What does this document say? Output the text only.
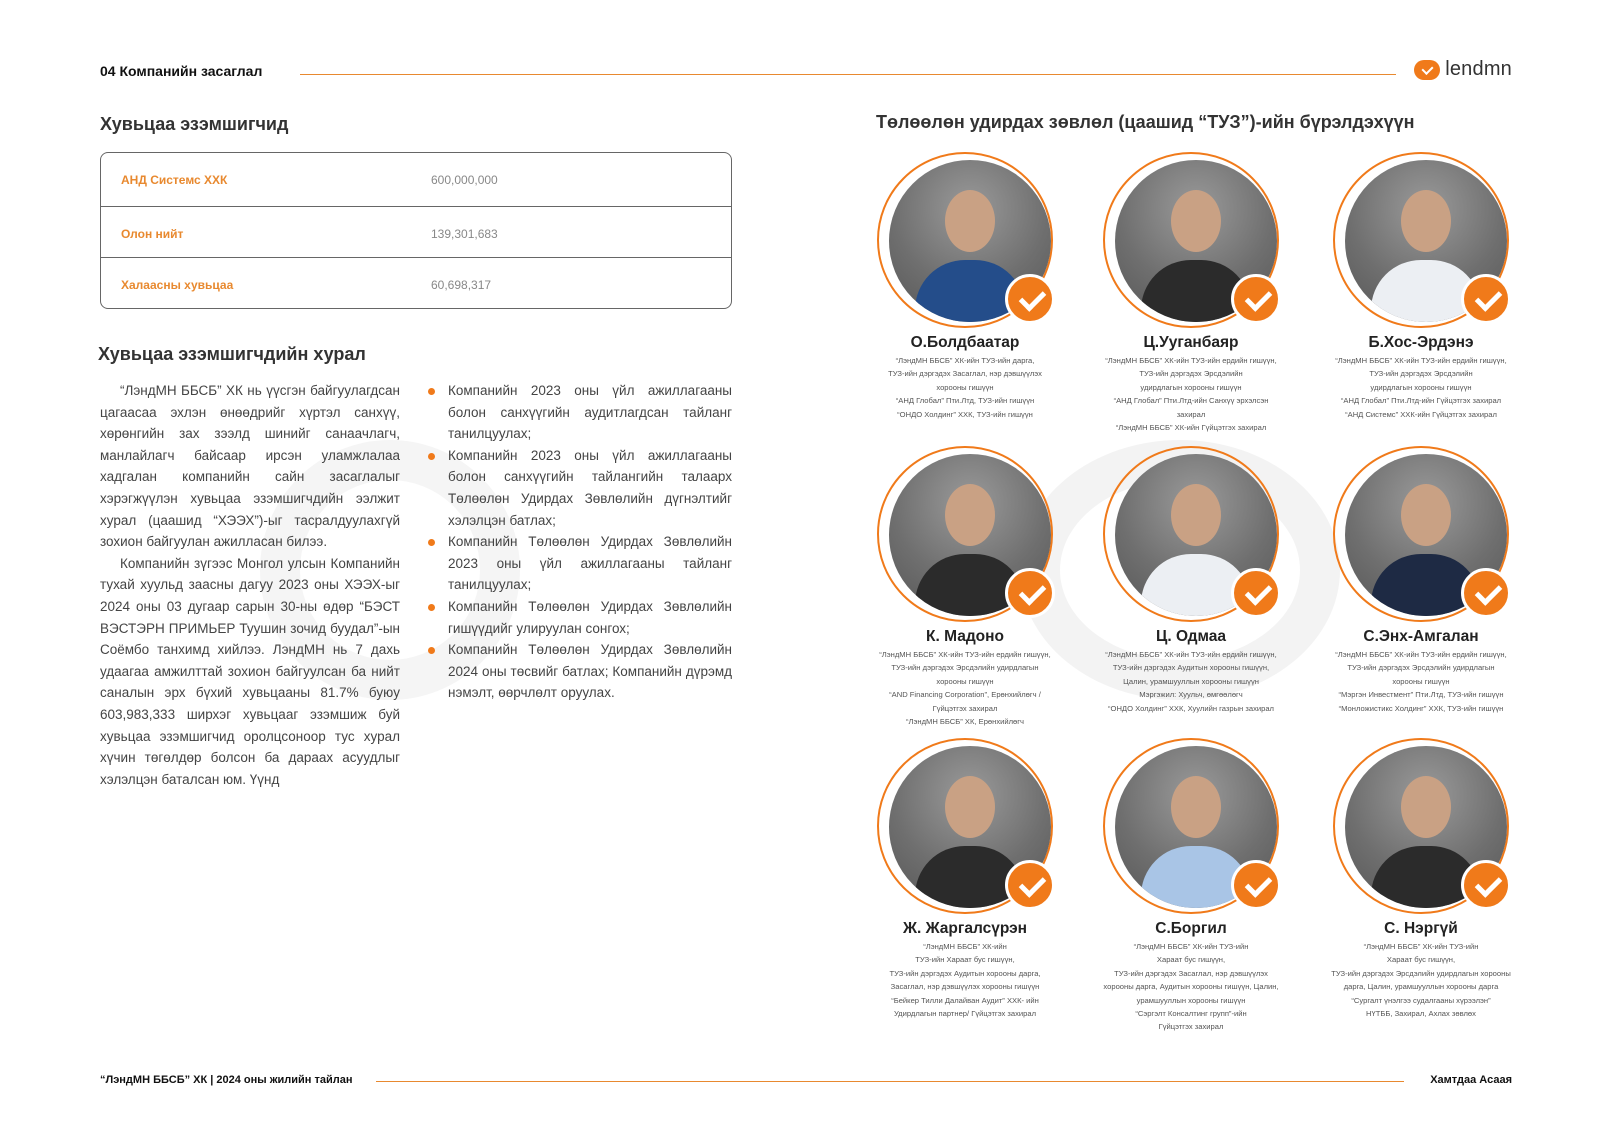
04 Компанийн засаглал	lendmn
Хувьцаа эзэмшигчид
АНД Системс ХХК	600,000,000
Олон нийт	139,301,683
Халаасны хувьцаа	60,698,317
Хувьцаа эзэмшигчдийн хурал

“ЛэндМН ББСБ” ХК нь үүсгэн байгуулагдсан цагаасаа эхлэн өнөөдрийг хүртэл санхүү, хөрөнгийн зах зээлд шинийг санаачлагч, манлайлагч байсаар ирсэн уламжлалаа хадгалан компанийн сайн засаглалыг хэрэгжүүлэн хувьцаа эзэмшигчдийн ээлжит хурал (цаашид “ХЭЭХ”)-ыг тасралдуулахгүй зохион байгуулан ажилласан билээ.

Компанийн зүгээс Монгол улсын Компанийн тухай хуульд заасны дагуу 2023 оны ХЭЭХ-ыг 2024 оны 03 дугаар сарын 30-ны өдөр “БЭСТ ВЭСТЭРН ПРИМЬЕР Туушин зочид буудал”-ын Соёмбо танхимд хийлээ. ЛэндМН нь 7 дахь удаагаа амжилттай зохион байгуулсан ба нийт саналын эрх бүхий хувьцааны 81.7% буюу 603,983,333 ширхэг хувьцааг эзэмшиж буй хувьцаа эзэмшигчид оролцсоноор тус хурал хүчин төгөлдөр болсон ба дараах асуудлыг хэлэлцэн баталсан юм. Үүнд

Компанийн 2023 оны үйл ажиллагааны болон санхүүгийн аудитлагдсан тайланг танилцуулах;
Компанийн 2023 оны үйл ажиллагааны болон санхүүгийн тайлангийн талаарх Төлөөлөн Удирдах Зөвлөлийн дүгнэлтийг хэлэлцэн батлах;
Компанийн Төлөөлөн Удирдах Зөвлөлийн 2023 оны үйл ажиллагааны тайланг танилцуулах;
Компанийн Төлөөлөн Удирдах Зөвлөлийн гишүүдийг улируулан сонгох;
Компанийн Төлөөлөн Удирдах Зөвлөлийн 2024 оны төсвийг батлах; Компанийн дүрэмд нэмэлт, өөрчлөлт оруулах.
Төлөөлөн удирдах зөвлөл (цаашид “ТУЗ”)-ийн бүрэлдэхүүн
О.Болдбаатар
“ЛэндМН ББСБ” ХК-ийн ТУЗ-ийн дарга,
ТУЗ-ийн дэргэдэх Засаглал, нэр дэвшүүлэх
хорооны гишүүн
“АНД Глобал” Пти.Лтд, ТУЗ-ийн гишүүн
“ОНДО Холдинг” ХХК, ТУЗ-ийн гишүүн
Ц.Ууганбаяр
“ЛэндМН ББСБ” ХК-ийн ТУЗ-ийн ердийн гишүүн,
ТУЗ-ийн дэргэдэх Эрсдэлийн
удирдлагын хорооны гишүүн
“АНД Глобал” Пти.Лтд-ийн Санхүү эрхэлсэн
захирал
“ЛэндМН ББСБ” ХК-ийн Гүйцэтгэх захирал
Б.Хос-Эрдэнэ
“ЛэндМН ББСБ” ХК-ийн ТУЗ-ийн ердийн гишүүн,
ТУЗ-ийн дэргэдэх Эрсдэлийн
удирдлагын хорооны гишүүн
“АНД Глобал” Пти.Лтд-ийн Гүйцэтгэх захирал
“АНД Системс” ХХК-ийн Гүйцэтгэх захирал
К. Мадоно
“ЛэндМН ББСБ” ХК-ийн ТУЗ-ийн ердийн гишүүн,
ТУЗ-ийн дэргэдэх Эрсдэлийн удирдлагын
хорооны гишүүн
“AND Financing Corporation”, Ерөнхийлөгч /
Гүйцэтгэх захирал
“ЛэндМН ББСБ” ХК, Ерөнхийлөгч
Ц. Одмаа
“ЛэндМН ББСБ” ХК-ийн ТУЗ-ийн ердийн гишүүн,
ТУЗ-ийн дэргэдэх Аудитын хорооны гишүүн,
Цалин, урамшууллын хорооны гишүүн
Мэргэжил: Хуульч, өмгөөлөгч
“ОНДО Холдинг” ХХК, Хуулийн газрын захирал
С.Энх-Амгалан
“ЛэндМН ББСБ” ХК-ийн ТУЗ-ийн ердийн гишүүн,
ТУЗ-ийн дэргэдэх Эрсдэлийн удирдлагын
хорооны гишүүн
“Мэргэн Инвестмент” Пти.Лтд, ТУЗ-ийн гишүүн
“Монложистикс Холдинг” ХХК, ТУЗ-ийн гишүүн
Ж. Жаргалсүрэн
“ЛэндМН ББСБ” ХК-ийн
ТУЗ-ийн Хараат бус гишүүн,
ТУЗ-ийн дэргэдэх Аудитын хорооны дарга,
Засаглал, нэр дэвшүүлэх хорооны гишүүн
“Бейкер Тилли Далайван Аудит” ХХК- ийн
Удирдлагын партнер/ Гүйцэтгэх захирал
С.Боргил
“ЛэндМН ББСБ” ХК-ийн ТУЗ-ийн
Хараат бус гишүүн,
ТУЗ-ийн дэргэдэх Засаглал, нэр дэвшүүлэх
хорооны дарга, Аудитын хорооны гишүүн, Цалин,
урамшууллын хорооны гишүүн
“Сэргэлт Консалтинг групп”-ийн
Гүйцэтгэх захирал
С. Нэргүй
“ЛэндМН ББСБ” ХК-ийн ТУЗ-ийн
Хараат бус гишүүн,
ТУЗ-ийн дэргэдэх Эрсдэлийн удирдлагын хорооны
дарга, Цалин, урамшууллын хорооны дарга
“Сургалт үнэлгээ судалгааны хүрээлэн”
НҮТББ, Захирал, Ахлах зөвлөх
“ЛэндМН ББСБ” ХК | 2024 оны жилийн тайлан	Хамтдаа Асаая
